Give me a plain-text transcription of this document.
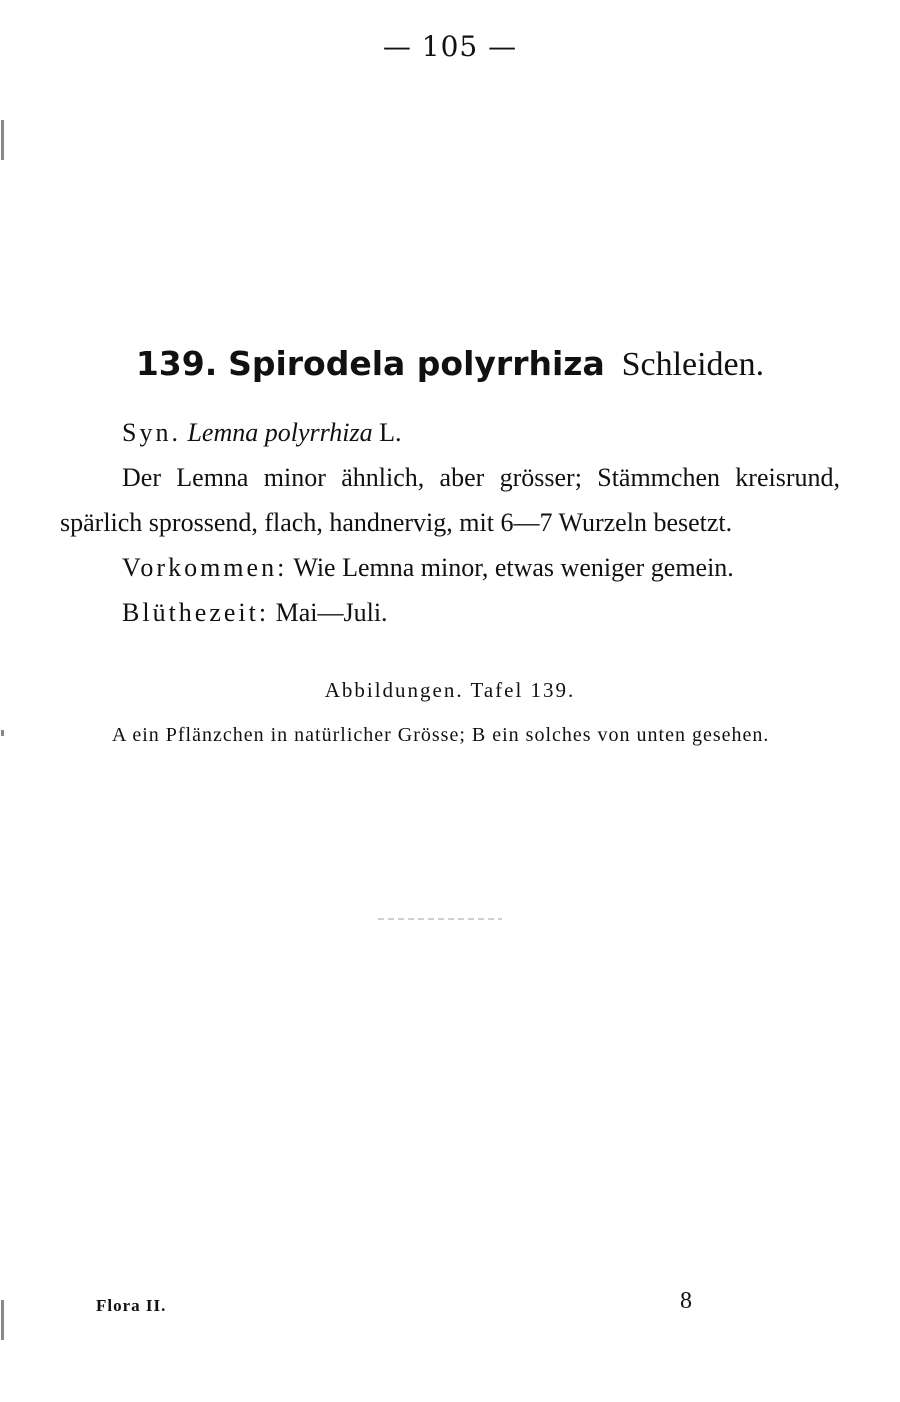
— 105 —
139. Spirodela polyrrhiza Schleiden.

Syn. Lemna polyrrhiza L.

Der Lemna minor ähnlich, aber grösser; Stämmchen kreisrund, spärlich sprossend, flach, handnervig, mit 6—7 Wurzeln besetzt.

Vorkommen: Wie Lemna minor, etwas weniger gemein.

Blüthezeit: Mai—Juli.

Abbildungen. Tafel 139.
A ein Pflänzchen in natürlicher Grösse; B ein solches von unten gesehen.
Flora II.	8
